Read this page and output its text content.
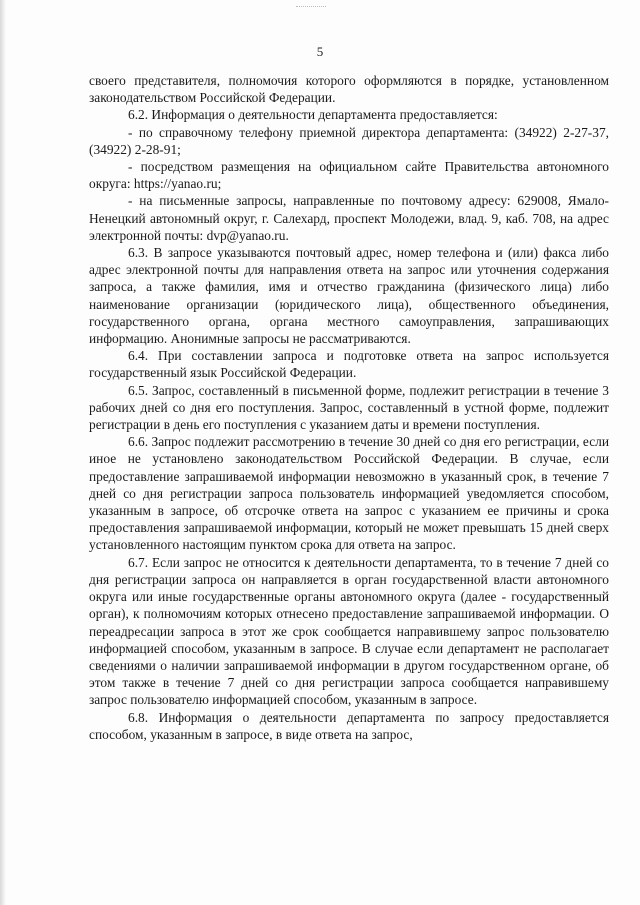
5

своего представителя, полномочия которого оформляются в порядке, установленном законодательством Российской Федерации.

6.2. Информация о деятельности департамента предоставляется:

- по справочному телефону приемной директора департамента: (34922) 2-27-37, (34922) 2-28-91;

- посредством размещения на официальном сайте Правительства автономного округа: https://yanao.ru;

- на письменные запросы, направленные по почтовому адресу: 629008, Ямало-Ненецкий автономный округ, г. Салехард, проспект Молодежи, влад. 9, каб. 708, на адрес электронной почты: dvp@yanao.ru.

6.3. В запросе указываются почтовый адрес, номер телефона и (или) факса либо адрес электронной почты для направления ответа на запрос или уточнения содержания запроса, а также фамилия, имя и отчество гражданина (физического лица) либо наименование организации (юридического лица), общественного объединения, государственного органа, органа местного самоуправления, запрашивающих информацию. Анонимные запросы не рассматриваются.

6.4. При составлении запроса и подготовке ответа на запрос используется государственный язык Российской Федерации.

6.5. Запрос, составленный в письменной форме, подлежит регистрации в течение 3 рабочих дней со дня его поступления. Запрос, составленный в устной форме, подлежит регистрации в день его поступления с указанием даты и времени поступления.

6.6. Запрос подлежит рассмотрению в течение 30 дней со дня его регистрации, если иное не установлено законодательством Российской Федерации. В случае, если предоставление запрашиваемой информации невозможно в указанный срок, в течение 7 дней со дня регистрации запроса пользователь информацией уведомляется способом, указанным в запросе, об отсрочке ответа на запрос с указанием ее причины и срока предоставления запрашиваемой информации, который не может превышать 15 дней сверх установленного настоящим пунктом срока для ответа на запрос.

6.7. Если запрос не относится к деятельности департамента, то в течение 7 дней со дня регистрации запроса он направляется в орган государственной власти автономного округа или иные государственные органы автономного округа (далее - государственный орган), к полномочиям которых отнесено предоставление запрашиваемой информации. О переадресации запроса в этот же срок сообщается направившему запрос пользователю информацией способом, указанным в запросе. В случае если департамент не располагает сведениями о наличии запрашиваемой информации в другом государственном органе, об этом также в течение 7 дней со дня регистрации запроса сообщается направившему запрос пользователю информацией способом, указанным в запросе.

6.8. Информация о деятельности департамента по запросу предоставляется способом, указанным в запросе, в виде ответа на запрос,
